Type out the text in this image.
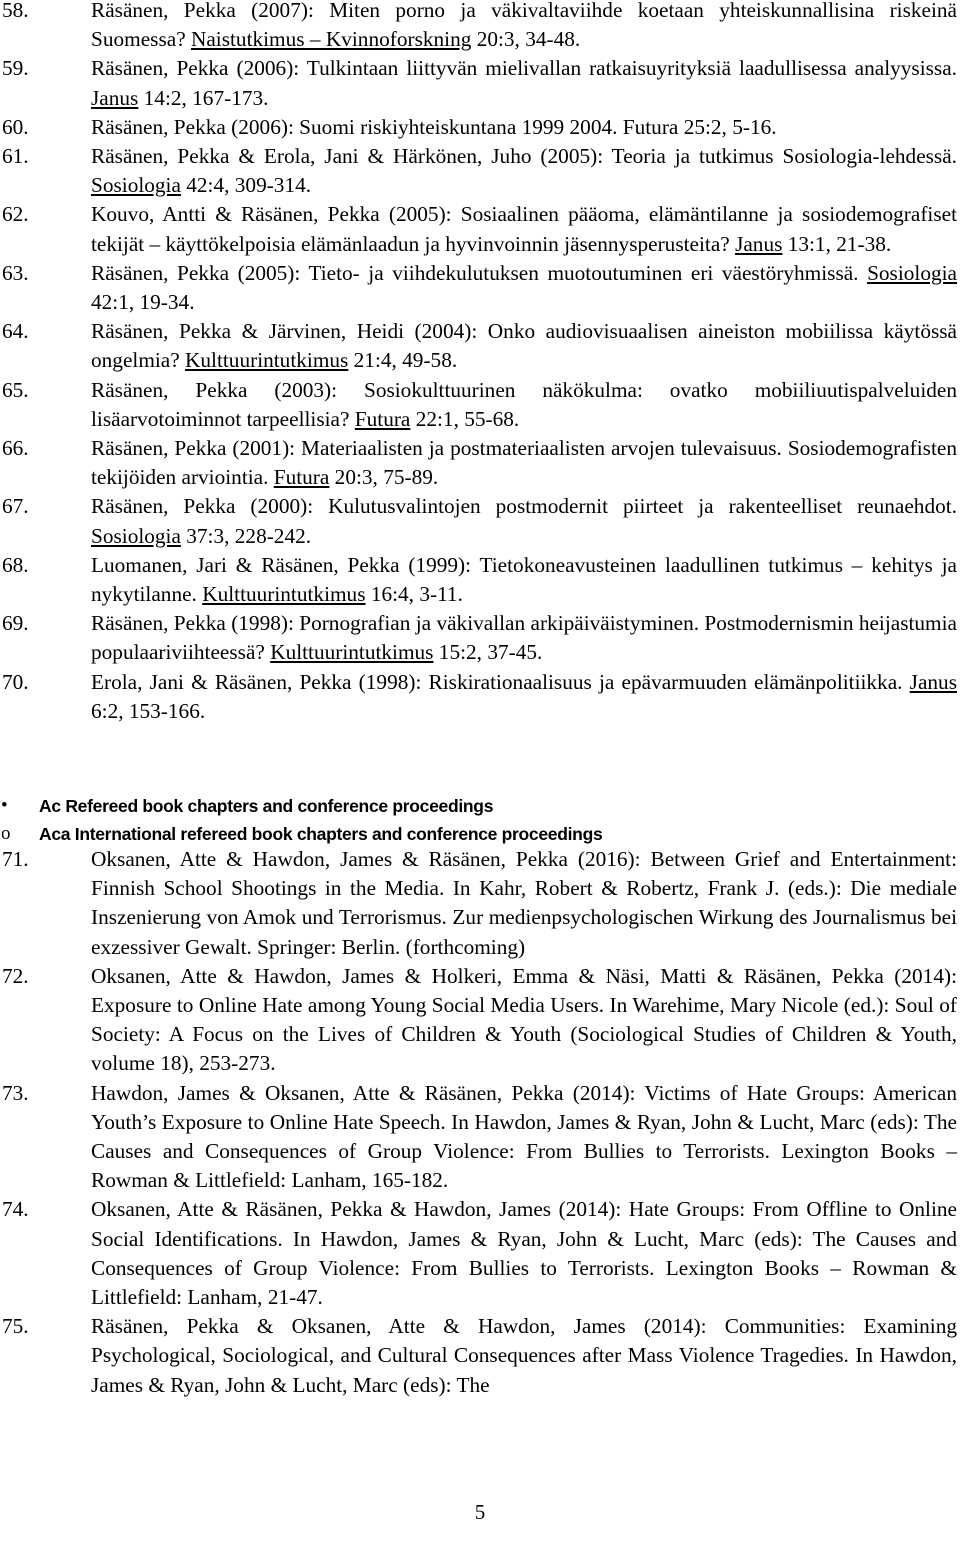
58.	Räsänen, Pekka (2007): Miten porno ja väkivaltaviihde koetaan yhteiskunnallisina riskeinä Suomessa? Naistutkimus – Kvinnoforskning 20:3, 34-48.
59.	Räsänen, Pekka (2006): Tulkintaan liittyvän mielivallan ratkaisuyrityksiä laadullisessa analyysissa. Janus 14:2, 167-173.
60.	Räsänen, Pekka (2006): Suomi riskiyhteiskuntana 1999 2004. Futura 25:2, 5-16.
61.	Räsänen, Pekka & Erola, Jani & Härkönen, Juho (2005): Teoria ja tutkimus Sosiologia-lehdessä. Sosiologia 42:4, 309-314.
62.	Kouvo, Antti & Räsänen, Pekka (2005): Sosiaalinen pääoma, elämäntilanne ja sosiodemografiset tekijät – käyttökelpoisia elämänlaadun ja hyvinvoinnin jäsennysperusteita? Janus 13:1, 21-38.
63.	Räsänen, Pekka (2005): Tieto- ja viihdekulutuksen muotoutuminen eri väestöryhmissä. Sosiologia 42:1, 19-34.
64.	Räsänen, Pekka & Järvinen, Heidi (2004): Onko audiovisuaalisen aineiston mobiilissa käytössä ongelmia? Kulttuurintutkimus 21:4, 49-58.
65.	Räsänen, Pekka (2003): Sosiokulttuurinen näkökulma: ovatko mobiiliuutispalveluiden lisäarvotoiminnot tarpeellisia? Futura 22:1, 55-68.
66.	Räsänen, Pekka (2001): Materiaalisten ja postmateriaalisten arvojen tulevaisuus. Sosiodemografisten tekijöiden arviointia. Futura 20:3, 75-89.
67.	Räsänen, Pekka (2000): Kulutusvalintojen postmodernit piirteet ja rakenteelliset reunaehdot. Sosiologia 37:3, 228-242.
68.	Luomanen, Jari & Räsänen, Pekka (1999): Tietokoneavusteinen laadullinen tutkimus – kehitys ja nykytilanne. Kulttuurintutkimus 16:4, 3-11.
69.	Räsänen, Pekka (1998): Pornografian ja väkivallan arkipäiväistyminen. Postmodernismin heijastumia populaariviihteessä? Kulttuurintutkimus 15:2, 37-45.
70.	Erola, Jani & Räsänen, Pekka (1998): Riskirationaalisuus ja epävarmuuden elämänpolitiikka. Janus 6:2, 153-166.
•	Ac Refereed book chapters and conference proceedings
o	Aca International refereed book chapters and conference proceedings
71.	Oksanen, Atte & Hawdon, James & Räsänen, Pekka (2016): Between Grief and Entertainment: Finnish School Shootings in the Media. In Kahr, Robert & Robertz, Frank J. (eds.): Die mediale Inszenierung von Amok und Terrorismus. Zur medienpsychologischen Wirkung des Journalismus bei exzessiver Gewalt. Springer: Berlin. (forthcoming)
72.	Oksanen, Atte & Hawdon, James & Holkeri, Emma & Näsi, Matti & Räsänen, Pekka (2014): Exposure to Online Hate among Young Social Media Users. In Warehime, Mary Nicole (ed.): Soul of Society: A Focus on the Lives of Children & Youth (Sociological Studies of Children & Youth, volume 18), 253-273.
73.	Hawdon, James & Oksanen, Atte & Räsänen, Pekka (2014): Victims of Hate Groups: American Youth’s Exposure to Online Hate Speech. In Hawdon, James & Ryan, John & Lucht, Marc (eds): The Causes and Consequences of Group Violence: From Bullies to Terrorists. Lexington Books – Rowman & Littlefield: Lanham, 165-182.
74.	Oksanen, Atte & Räsänen, Pekka & Hawdon, James (2014): Hate Groups: From Offline to Online Social Identifications. In Hawdon, James & Ryan, John & Lucht, Marc (eds): The Causes and Consequences of Group Violence: From Bullies to Terrorists. Lexington Books – Rowman & Littlefield: Lanham, 21-47.
75.	Räsänen, Pekka & Oksanen, Atte & Hawdon, James (2014): Communities: Examining Psychological, Sociological, and Cultural Consequences after Mass Violence Tragedies. In Hawdon, James & Ryan, John & Lucht, Marc (eds): The
5
